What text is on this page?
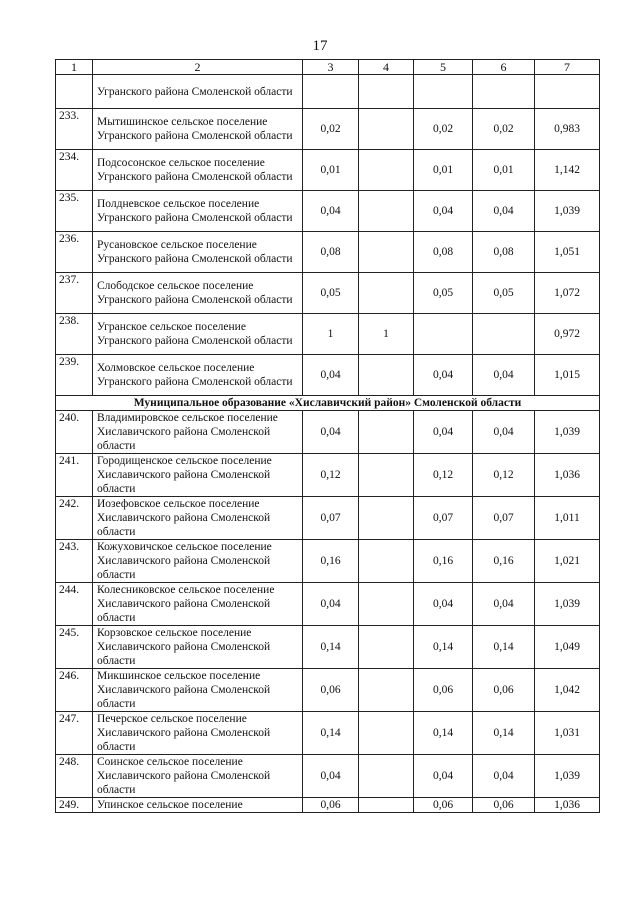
17
1	2	3	4	5	6	7
	Угранского района Смоленской области					
233.	Мытишинское сельское поселение Угранского района Смоленской области	0,02		0,02	0,02	0,983
234.	Подсосонское сельское поселение Угранского района Смоленской области	0,01		0,01	0,01	1,142
235.	Полдневское сельское поселение Угранского района Смоленской области	0,04		0,04	0,04	1,039
236.	Русановское сельское поселение Угранского района Смоленской области	0,08		0,08	0,08	1,051
237.	Слободское сельское поселение Угранского района Смоленской области	0,05		0,05	0,05	1,072
238.	Угранское сельское поселение Угранского района Смоленской области	1	1			0,972
239.	Холмовское сельское поселение Угранского района Смоленской области	0,04		0,04	0,04	1,015
Муниципальное образование «Хиславичский район» Смоленской области						
240.	Владимировское сельское поселение Хиславичского района Смоленской области	0,04		0,04	0,04	1,039
241.	Городищенское сельское поселение Хиславичского района Смоленской области	0,12		0,12	0,12	1,036
242.	Иозефовское сельское поселение Хиславичского района Смоленской области	0,07		0,07	0,07	1,011
243.	Кожуховичское сельское поселение Хиславичского района Смоленской области	0,16		0,16	0,16	1,021
244.	Колесниковское сельское поселение Хиславичского района Смоленской области	0,04		0,04	0,04	1,039
245.	Корзовское сельское поселение Хиславичского района Смоленской области	0,14		0,14	0,14	1,049
246.	Микшинское сельское поселение Хиславичского района Смоленской области	0,06		0,06	0,06	1,042
247.	Печерское сельское поселение Хиславичского района Смоленской области	0,14		0,14	0,14	1,031
248.	Соинское сельское поселение Хиславичского района Смоленской области	0,04		0,04	0,04	1,039
249.	Упинское сельское поселение	0,06		0,06	0,06	1,036
